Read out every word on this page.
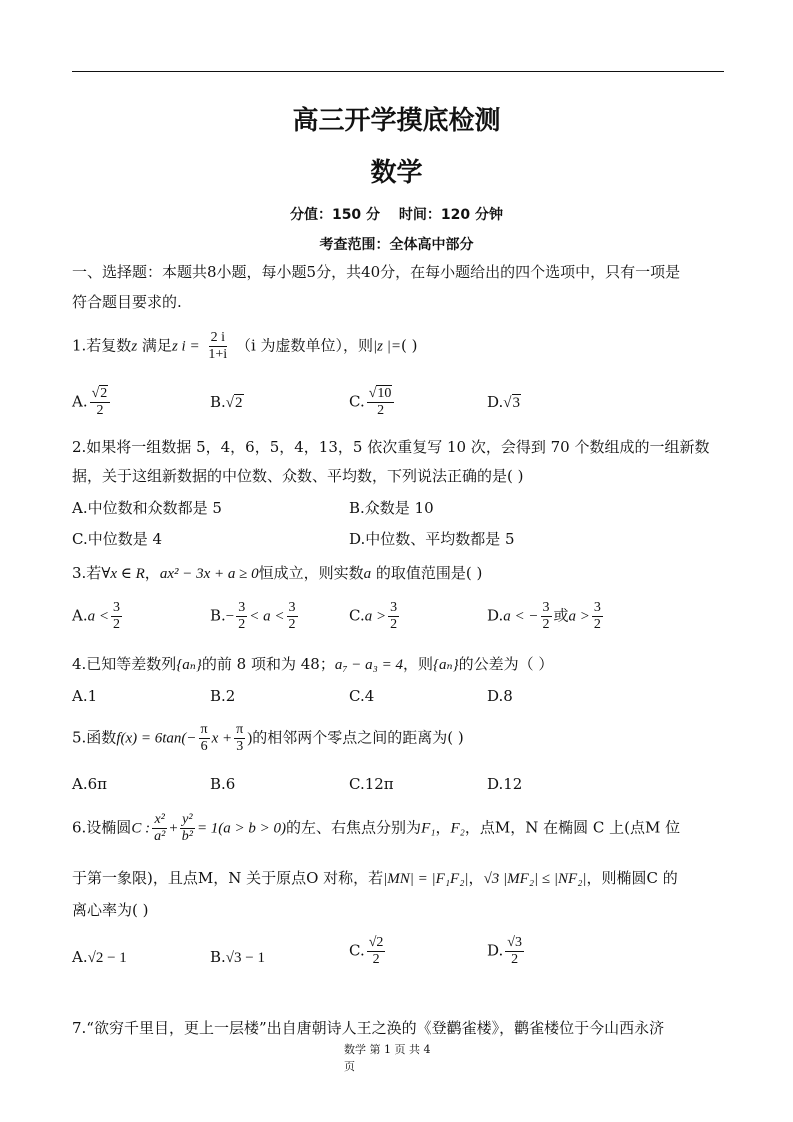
高三开学摸底检测
数学
分值：150 分　 时间：120 分钟
考查范围：全体高中部分
一、选择题：本题共8小题，每小题5分，共40分，在每小题给出的四个选项中，只有一项是
符合题目要求的.
1.若复数z 满足z $i = \frac{2 i}{1+i} (i$ 为虚数单位），则|z |=( )
A. $\frac{√2}{2}$	B.√2	C. $\frac{√10}{2}$	D.√3
2.如果将一组数据 5，4，6，5，4，13，5 依次重复写 10 次，会得到 70 个数组成的一组新数
据，关于这组新数据的中位数、众数、平均数，下列说法正确的是( )
A.中位数和众数都是 5	B.众数是 10
C.中位数是 4	D.中位数、平均数都是 5
3.若∀x ∈ R，ax² − 3x + a ≥ 0恒成立，则实数a 的取值范围是( )
$A.a < \frac{3}{2}$	$B.- \frac{3}{2} < a < \frac{3}{2}$	$C.a > \frac{3}{2}$	D.a < − $\frac{3}{2}$ 或$a > \frac{3}{2}$
4.已知等差数列{aₙ}的前 8 项和为 48；a₇ − a₃ = 4，则{aₙ}的公差为（ ）
A.1	B.2	C.4	D.8
5.函数$f(x) = 6\tan(- \frac{\pi}{6}$ $x + \frac{\pi}{3}$ )的相邻两个零点之间的距离为( )
A.6π	B.6	C.12π	D.12
6.设椭圆C : $\frac{\text{x²}}{\text{a²}} + \frac{\text{y²}}{\text{b²}} = 1(a > b > 0)$的左、右焦点分别为F₁，F₂，点M，N 在椭圆 C 上(点M 位
于第一象限)，且点M，N 关于原点O 对称，若|MN| = |F₁F₂|，√3 |MF₂| ≤ |NF₂|，则椭圆C 的
离心率为( )
A.√2 − 1	B.√3 − 1	C. $\frac{√2}{2}$	D. $\frac{√3}{2}$
7.“欲穷千里目，更上一层楼”出自唐朝诗人王之涣的《登鹳雀楼》，鹳雀楼位于今山西永济
数学 第 1 页 共 4
页
